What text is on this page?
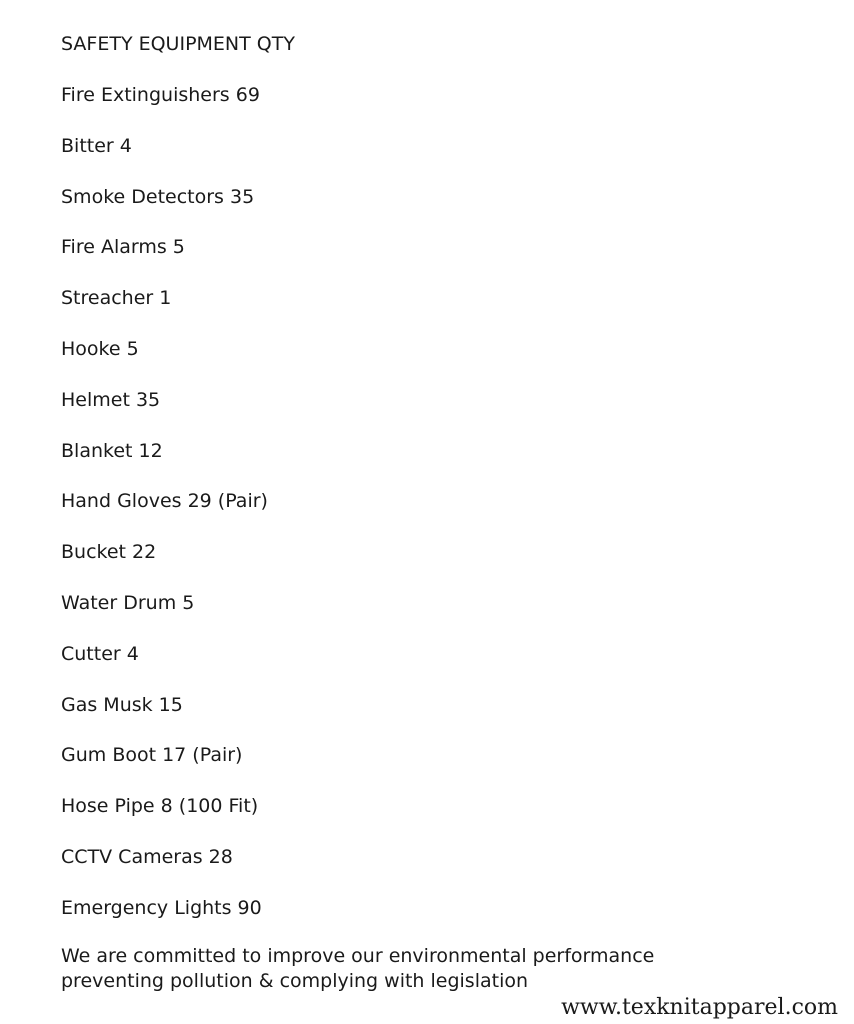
SAFETY EQUIPMENT QTY
Fire Extinguishers 69
Bitter 4
Smoke Detectors 35
Fire Alarms 5
Streacher 1
Hooke 5
Helmet 35
Blanket 12
Hand Gloves 29 (Pair)
Bucket 22
Water Drum 5
Cutter 4
Gas Musk 15
Gum Boot 17 (Pair)
Hose Pipe 8 (100 Fit)
CCTV Cameras 28
Emergency Lights 90

We are committed to improve our environmental performance
preventing pollution & complying with legislation

www.texknitapparel.com
